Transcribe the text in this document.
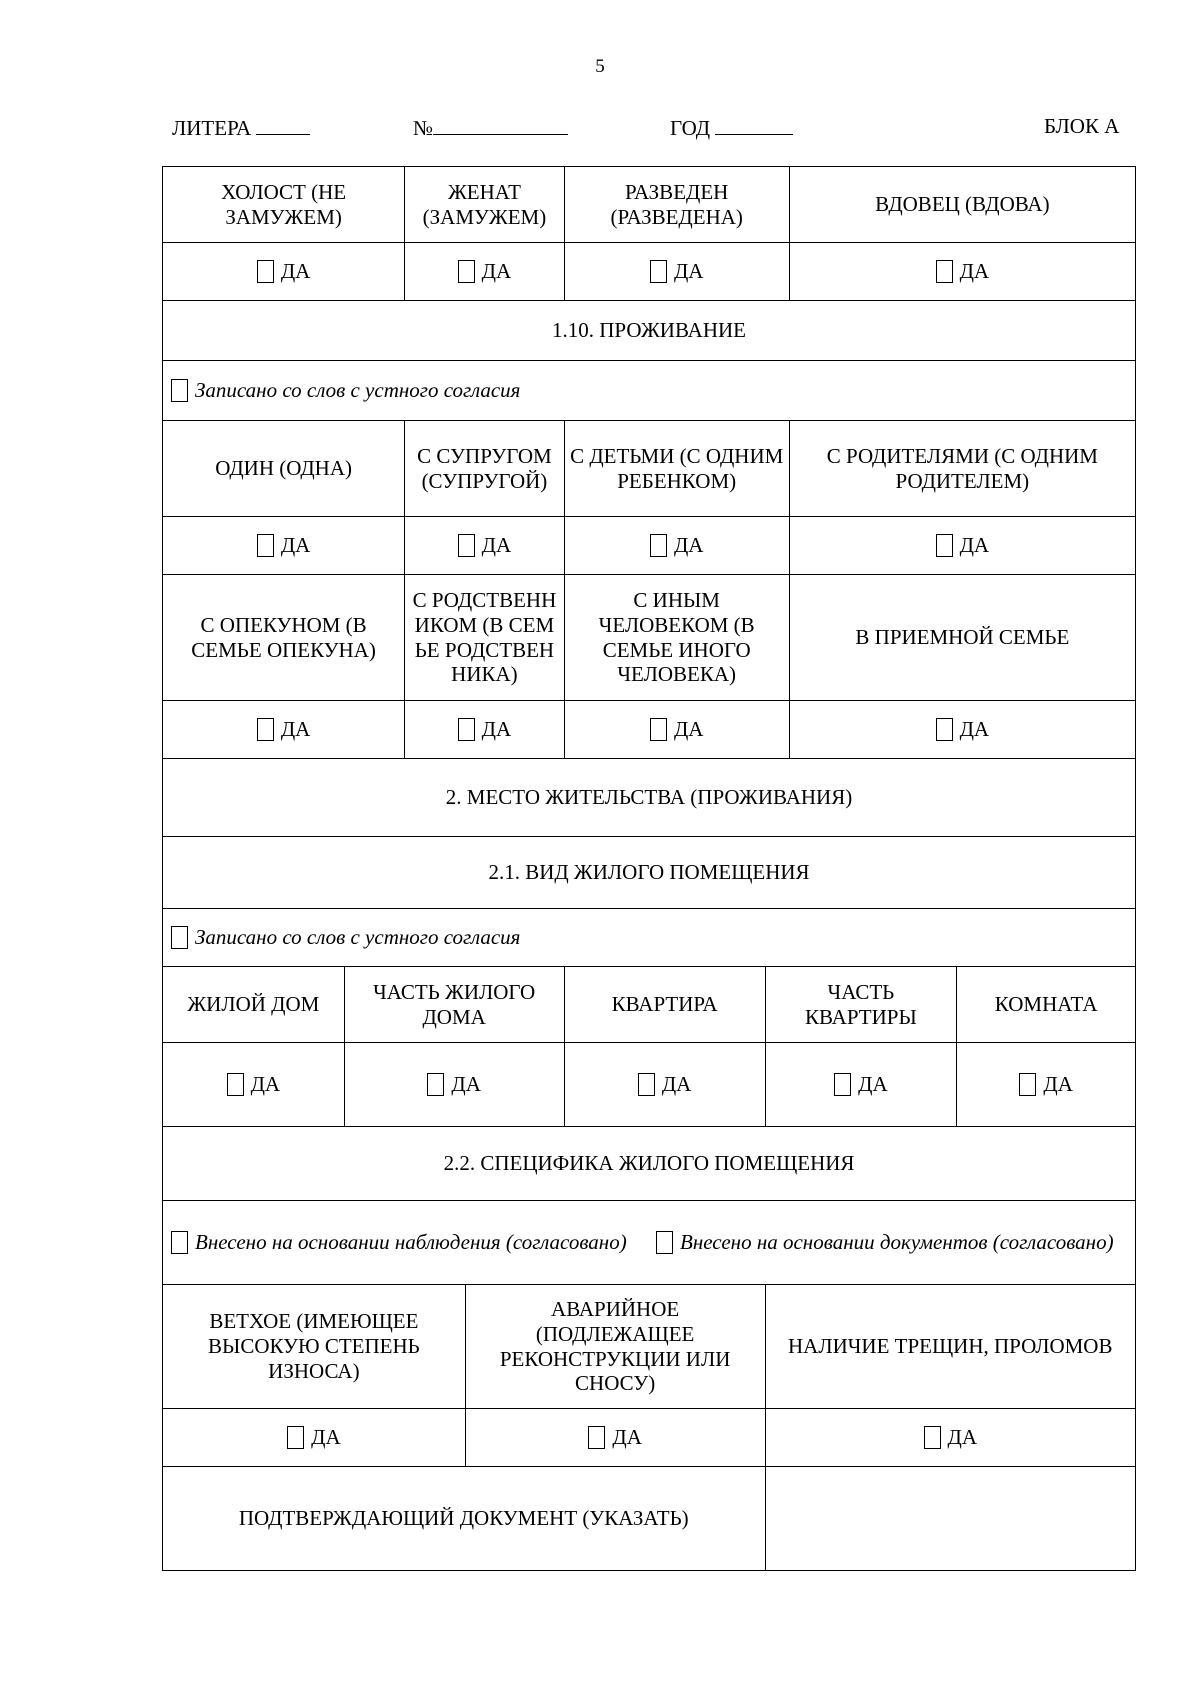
5
ЛИТЕРА	№	ГОД	БЛОК А
ХОЛОСТ (НЕ ЗАМУЖЕМ)		ЖЕНАТ (ЗАМУЖЕМ)		РАЗВЕДЕН (РАЗВЕДЕНА)		ВДОВЕЦ (ВДОВА)	
ДА		ДА		ДА		ДА	
1.10. ПРОЖИВАНИЕ							
Записано со слов с устного согласия							
ОДИН (ОДНА)		С СУПРУГОМ (СУПРУГОЙ)		С ДЕТЬМИ (С ОДНИМ РЕБЕНКОМ)		С РОДИТЕЛЯМИ (С ОДНИМ РОДИТЕЛЕМ)	
ДА		ДА		ДА		ДА	
С ОПЕКУНОМ (В СЕМЬЕ ОПЕКУНА)		С РОДСТВЕННИКОМ (В СЕМЬЕ РОДСТВЕННИКА)		С ИНЫМ ЧЕЛОВЕКОМ (В СЕМЬЕ ИНОГО ЧЕЛОВЕКА)		В ПРИЕМНОЙ СЕМЬЕ	
ДА		ДА		ДА		ДА	
2. МЕСТО ЖИТЕЛЬСТВА (ПРОЖИВАНИЯ)							
2.1. ВИД ЖИЛОГО ПОМЕЩЕНИЯ							
Записано со слов с устного согласия							
ЖИЛОЙ ДОМ	ЧАСТЬ ЖИЛОГО ДОМА			КВАРТИРА	ЧАСТЬ КВАРТИРЫ		КОМНАТА
ДА	ДА			ДА	ДА		ДА
2.2. СПЕЦИФИКА ЖИЛОГО ПОМЕЩЕНИЯ							

Внесено на основании наблюдения (согласовано) Внесено на основании документов (согласовано)							

ВЕТХОЕ (ИМЕЮЩЕЕ ВЫСОКУЮ СТЕПЕНЬ ИЗНОСА)			АВАРИЙНОЕ (ПОДЛЕЖАЩЕЕ РЕКОНСТРУКЦИИ ИЛИ СНОСУ)		НАЛИЧИЕ ТРЕЩИН, ПРОЛОМОВ		
ДА			ДА		ДА		
ПОДТВЕРЖДАЮЩИЙ ДОКУМЕНТ (УКАЗАТЬ)							
